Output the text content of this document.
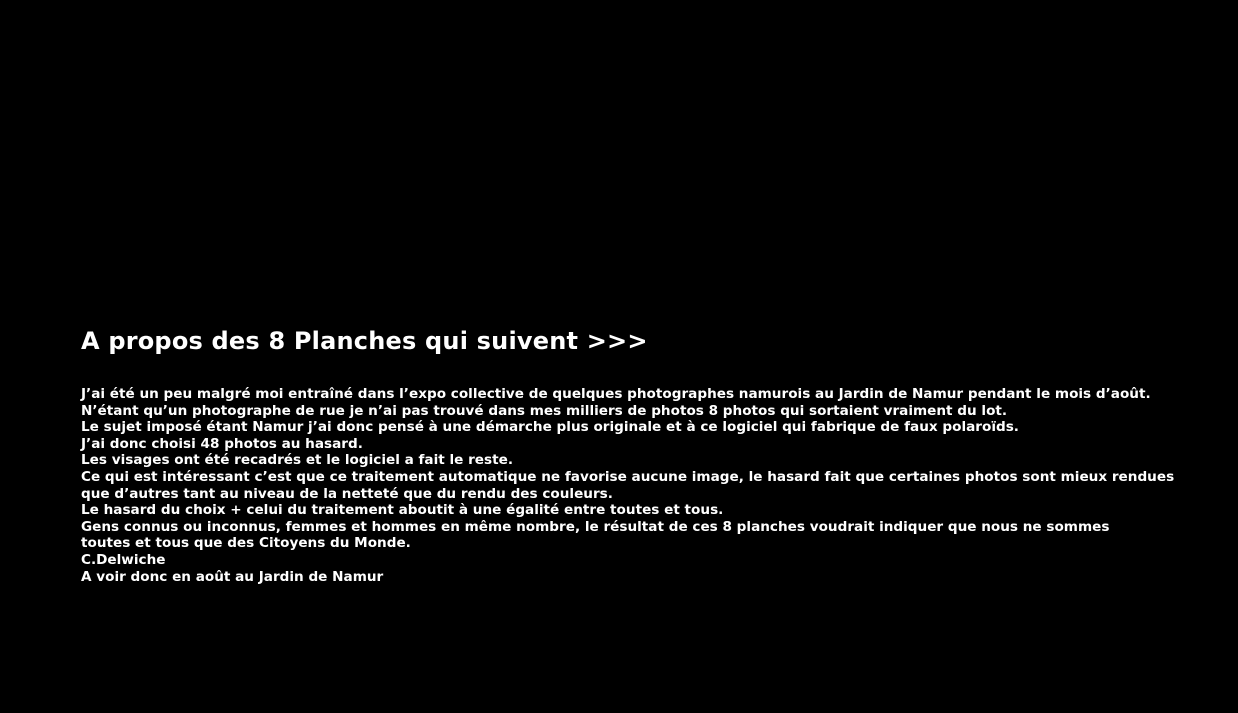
A propos des 8 Planches qui suivent >>>
J’ai été un peu malgré moi entraîné dans l’expo collective de quelques photographes namurois au Jardin de Namur pendant le mois d’août.
N’étant qu’un photographe de rue je n’ai pas trouvé dans mes milliers de photos 8 photos qui sortaient vraiment du lot.
Le sujet imposé étant Namur j’ai donc pensé à une démarche plus originale et à ce logiciel qui fabrique de faux polaroïds.
J’ai donc choisi 48 photos au hasard.
Les visages ont été recadrés et le logiciel a fait le reste.
Ce qui est intéressant c’est que ce traitement automatique ne favorise aucune image, le hasard fait que certaines photos sont mieux rendues
que d’autres tant au niveau de la netteté que du rendu des couleurs.
Le hasard du choix + celui du traitement aboutit à une égalité entre toutes et tous.
Gens connus ou inconnus, femmes et hommes en même nombre, le résultat de ces 8 planches voudrait indiquer que nous ne sommes
toutes et tous que des Citoyens du Monde.
C.Delwiche
A voir donc en août au Jardin de Namur
